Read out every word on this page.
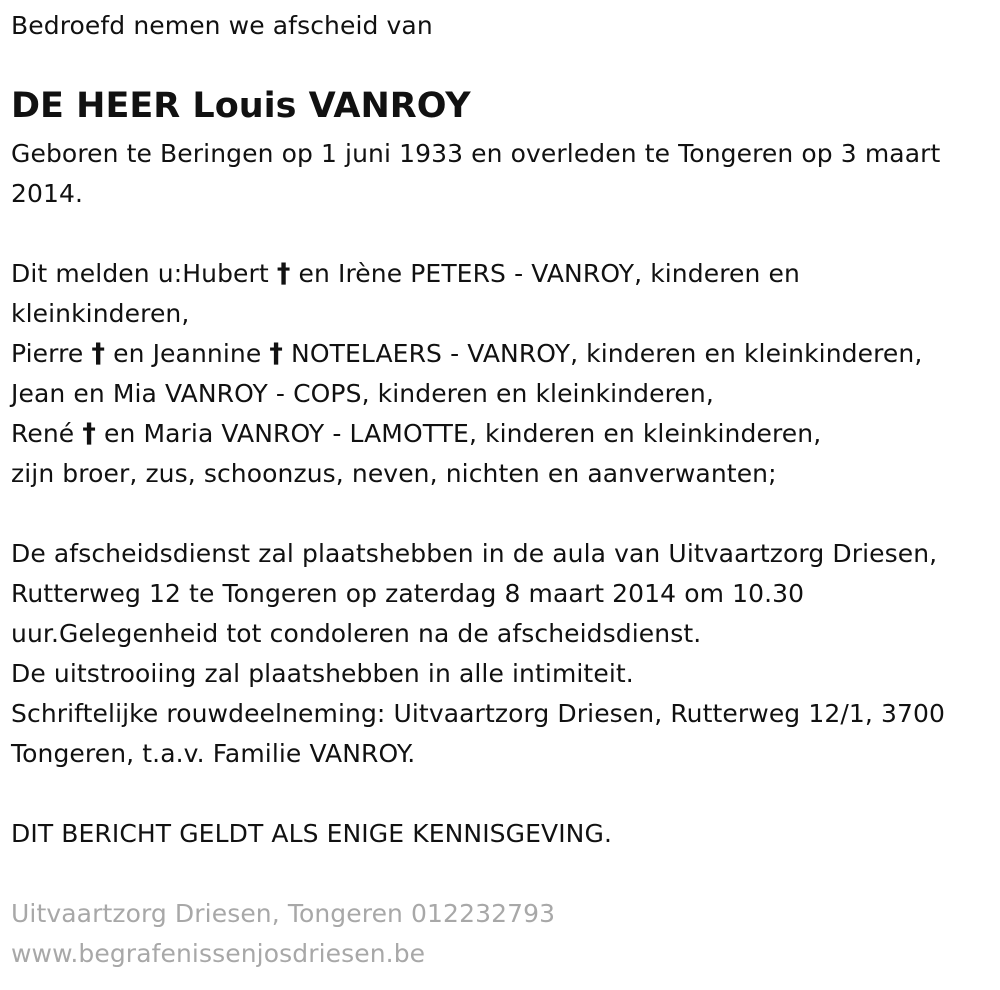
Bedroefd nemen we afscheid van
DE HEER Louis VANROY
Geboren te Beringen op 1 juni 1933 en overleden te Tongeren op 3 maart
2014.
Dit melden u:Hubert † en Irène PETERS - VANROY, kinderen en
kleinkinderen,
Pierre † en Jeannine † NOTELAERS - VANROY, kinderen en kleinkinderen,
Jean en Mia VANROY - COPS, kinderen en kleinkinderen,
René † en Maria VANROY - LAMOTTE, kinderen en kleinkinderen,
zijn broer, zus, schoonzus, neven, nichten en aanverwanten;
De afscheidsdienst zal plaatshebben in de aula van Uitvaartzorg Driesen,
Rutterweg 12 te Tongeren op zaterdag 8 maart 2014 om 10.30
uur.Gelegenheid tot condoleren na de afscheidsdienst.
De uitstrooiing zal plaatshebben in alle intimiteit.
Schriftelijke rouwdeelneming: Uitvaartzorg Driesen, Rutterweg 12/1, 3700
Tongeren, t.a.v. Familie VANROY.
DIT BERICHT GELDT ALS ENIGE KENNISGEVING.
Uitvaartzorg Driesen, Tongeren 012232793
www.begrafenissenjosdriesen.be
